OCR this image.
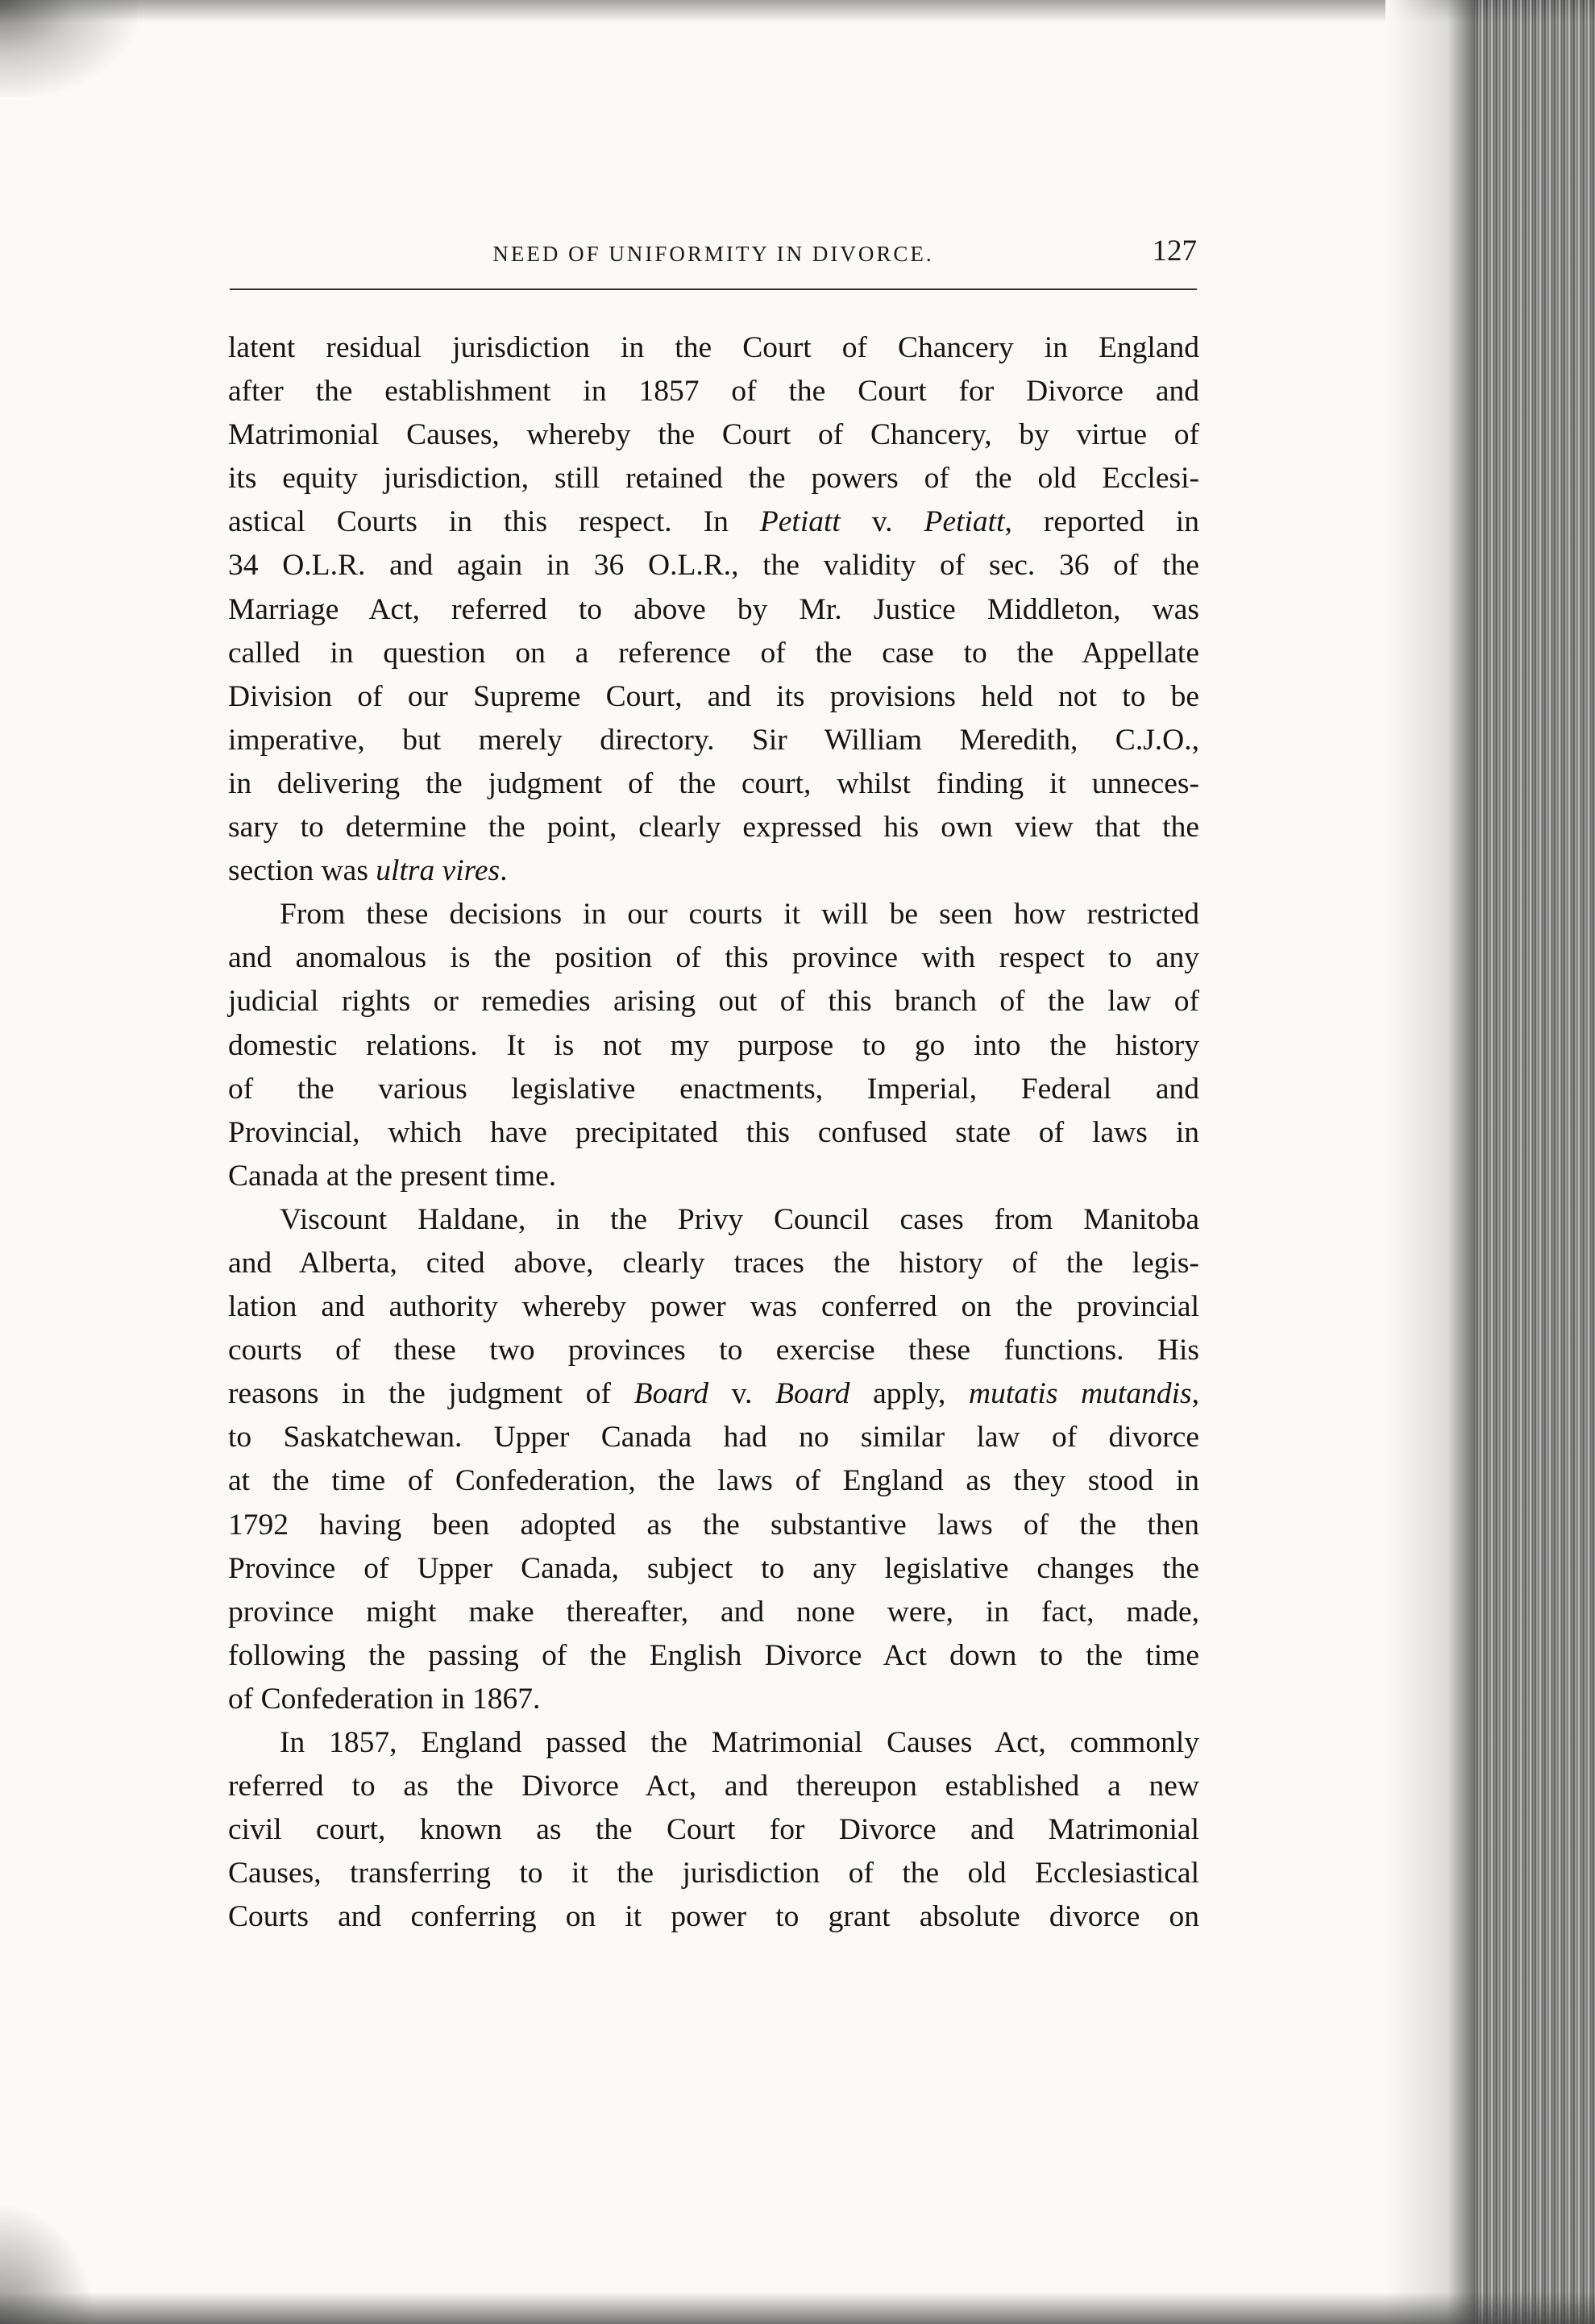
NEED OF UNIFORMITY IN DIVORCE.	127

latent residual jurisdiction in the Court of Chancery in England
after the establishment in 1857 of the Court for Divorce and
Matrimonial Causes, whereby the Court of Chancery, by virtue of
its equity jurisdiction, still retained the powers of the old Ecclesi-
astical Courts in this respect. In Petiatt v. Petiatt, reported in
34 O.L.R. and again in 36 O.L.R., the validity of sec. 36 of the
Marriage Act, referred to above by Mr. Justice Middleton, was
called in question on a reference of the case to the Appellate
Division of our Supreme Court, and its provisions held not to be
imperative, but merely directory. Sir William Meredith, C.J.O.,
in delivering the judgment of the court, whilst finding it unneces-
sary to determine the point, clearly expressed his own view that the
section was ultra vires.

From these decisions in our courts it will be seen how restricted
and anomalous is the position of this province with respect to any
judicial rights or remedies arising out of this branch of the law of
domestic relations. It is not my purpose to go into the history
of the various legislative enactments, Imperial, Federal and
Provincial, which have precipitated this confused state of laws in
Canada at the present time.

Viscount Haldane, in the Privy Council cases from Manitoba
and Alberta, cited above, clearly traces the history of the legis-
lation and authority whereby power was conferred on the provincial
courts of these two provinces to exercise these functions. His
reasons in the judgment of Board v. Board apply, mutatis mutandis,
to Saskatchewan. Upper Canada had no similar law of divorce
at the time of Confederation, the laws of England as they stood in
1792 having been adopted as the substantive laws of the then
Province of Upper Canada, subject to any legislative changes the
province might make thereafter, and none were, in fact, made,
following the passing of the English Divorce Act down to the time
of Confederation in 1867.

In 1857, England passed the Matrimonial Causes Act, commonly
referred to as the Divorce Act, and thereupon established a new
civil court, known as the Court for Divorce and Matrimonial
Causes, transferring to it the jurisdiction of the old Ecclesiastical
Courts and conferring on it power to grant absolute divorce on
